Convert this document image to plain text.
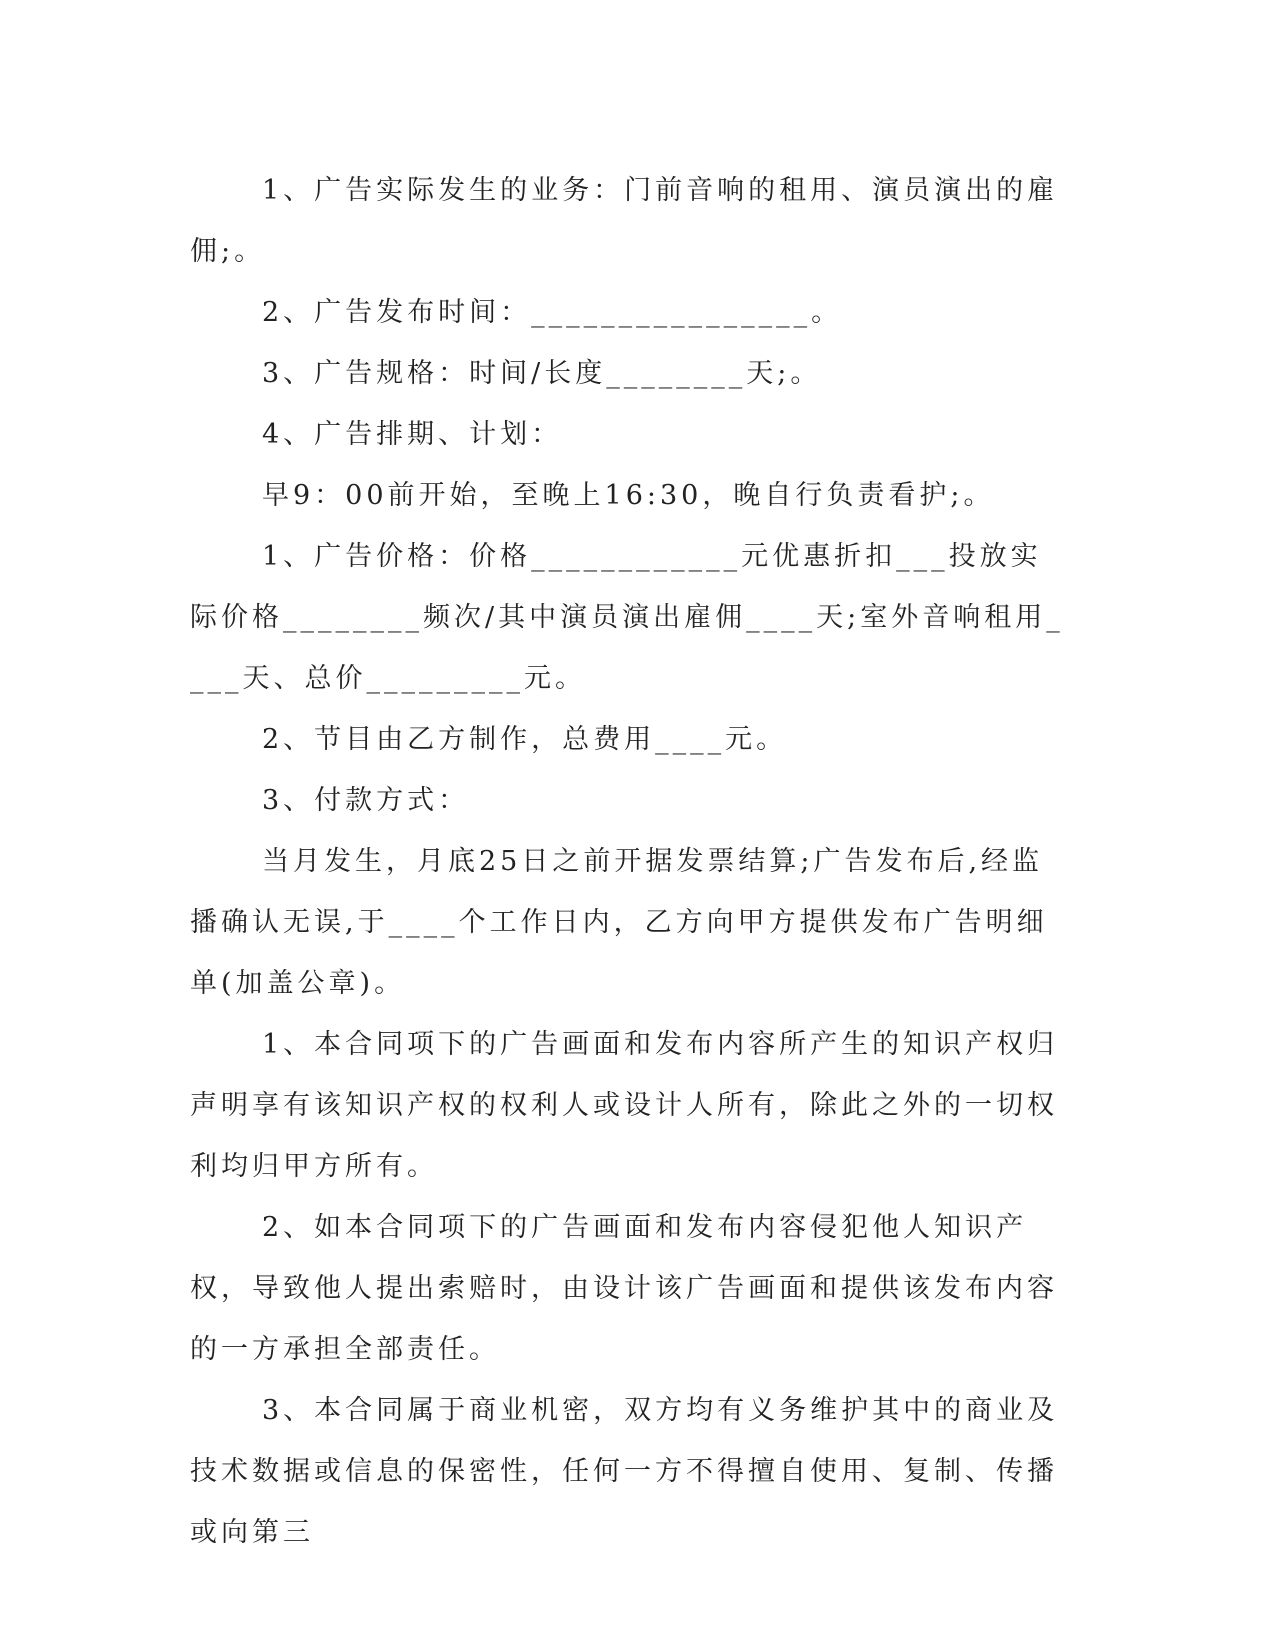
1、广告实际发生的业务：门前音响的租用、演员演出的雇佣;。

2、广告发布时间：________________。

3、广告规格：时间/长度________天;。

4、广告排期、计划：

早9：00前开始，至晚上16:30，晚自行负责看护;。

1、广告价格：价格____________元优惠折扣___投放实际价格________频次/其中演员演出雇佣____天;室外音响租用____天、总价_________元。

2、节目由乙方制作，总费用____元。

3、付款方式：

当月发生，月底25日之前开据发票结算;广告发布后,经监播确认无误,于____个工作日内，乙方向甲方提供发布广告明细单(加盖公章)。

1、本合同项下的广告画面和发布内容所产生的知识产权归声明享有该知识产权的权利人或设计人所有，除此之外的一切权利均归甲方所有。

2、如本合同项下的广告画面和发布内容侵犯他人知识产权，导致他人提出索赔时，由设计该广告画面和提供该发布内容的一方承担全部责任。

3、本合同属于商业机密，双方均有义务维护其中的商业及技术数据或信息的保密性，任何一方不得擅自使用、复制、传播或向第三
